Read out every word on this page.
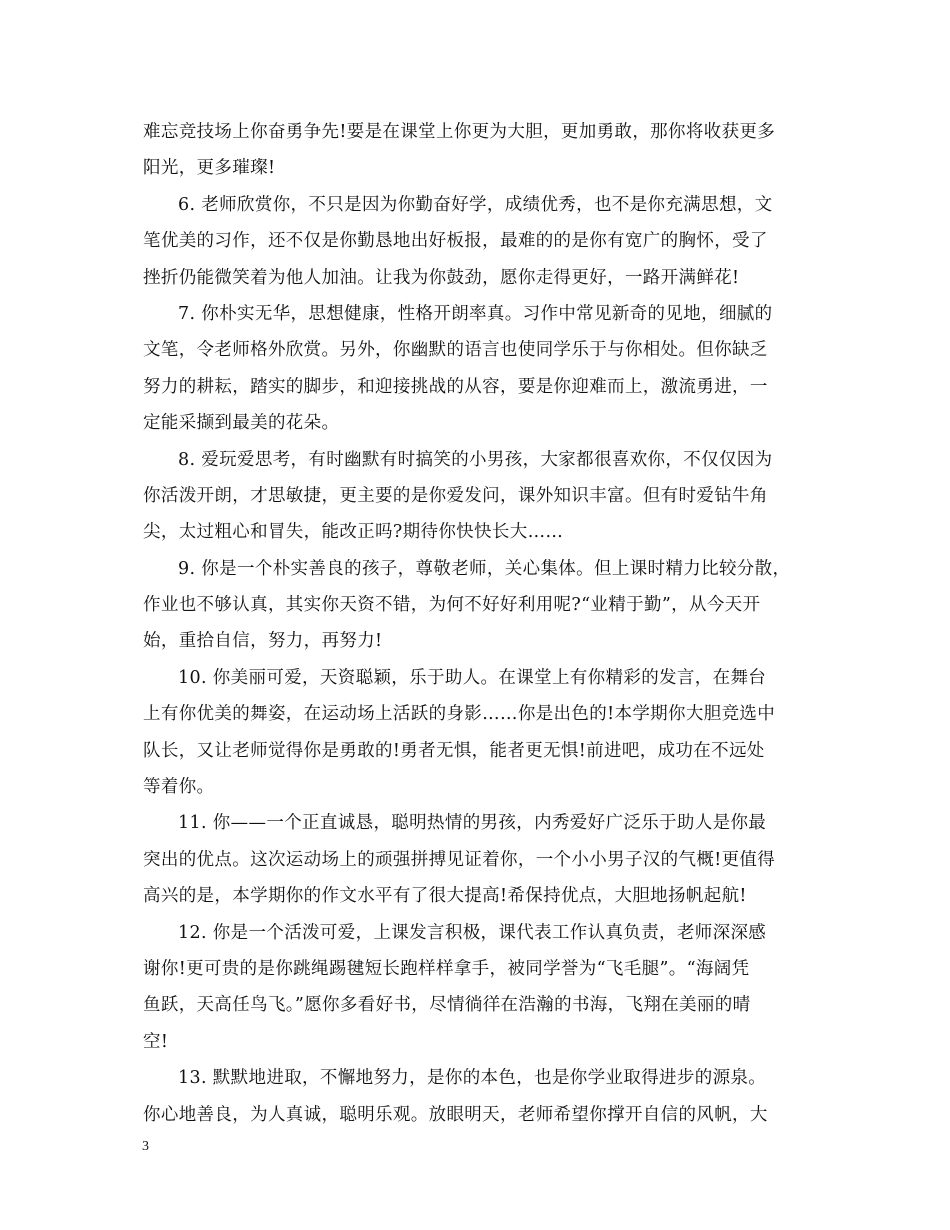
难忘竞技场上你奋勇争先!要是在课堂上你更为大胆，更加勇敢，那你将收获更多
阳光，更多璀璨!
6. 老师欣赏你，不只是因为你勤奋好学，成绩优秀，也不是你充满思想，文
笔优美的习作，还不仅是你勤恳地出好板报，最难的的是你有宽广的胸怀，受了
挫折仍能微笑着为他人加油。让我为你鼓劲，愿你走得更好，一路开满鲜花!
7. 你朴实无华，思想健康，性格开朗率真。习作中常见新奇的见地，细腻的
文笔，令老师格外欣赏。另外，你幽默的语言也使同学乐于与你相处。但你缺乏
努力的耕耘，踏实的脚步，和迎接挑战的从容，要是你迎难而上，激流勇进，一
定能采撷到最美的花朵。
8. 爱玩爱思考，有时幽默有时搞笑的小男孩，大家都很喜欢你，不仅仅因为
你活泼开朗，才思敏捷，更主要的是你爱发问，课外知识丰富。但有时爱钻牛角
尖，太过粗心和冒失，能改正吗?期待你快快长大……
9. 你是一个朴实善良的孩子，尊敬老师，关心集体。但上课时精力比较分散，
作业也不够认真，其实你天资不错，为何不好好利用呢?“业精于勤”，从今天开
始，重拾自信，努力，再努力!
10. 你美丽可爱，天资聪颖，乐于助人。在课堂上有你精彩的发言，在舞台
上有你优美的舞姿，在运动场上活跃的身影……你是出色的!本学期你大胆竞选中
队长，又让老师觉得你是勇敢的!勇者无惧，能者更无惧!前进吧，成功在不远处
等着你。
11. 你——一个正直诚恳，聪明热情的男孩，内秀爱好广泛乐于助人是你最
突出的优点。这次运动场上的顽强拼搏见证着你，一个小小男子汉的气概!更值得
高兴的是，本学期你的作文水平有了很大提高!希保持优点，大胆地扬帆起航!
12. 你是一个活泼可爱，上课发言积极，课代表工作认真负责，老师深深感
谢你!更可贵的是你跳绳踢毽短长跑样样拿手，被同学誉为“飞毛腿”。“海阔凭
鱼跃，天高任鸟飞。”愿你多看好书，尽情徜徉在浩瀚的书海，飞翔在美丽的晴
空!
13. 默默地进取，不懈地努力，是你的本色，也是你学业取得进步的源泉。
你心地善良，为人真诚，聪明乐观。放眼明天，老师希望你撑开自信的风帆，大
3
